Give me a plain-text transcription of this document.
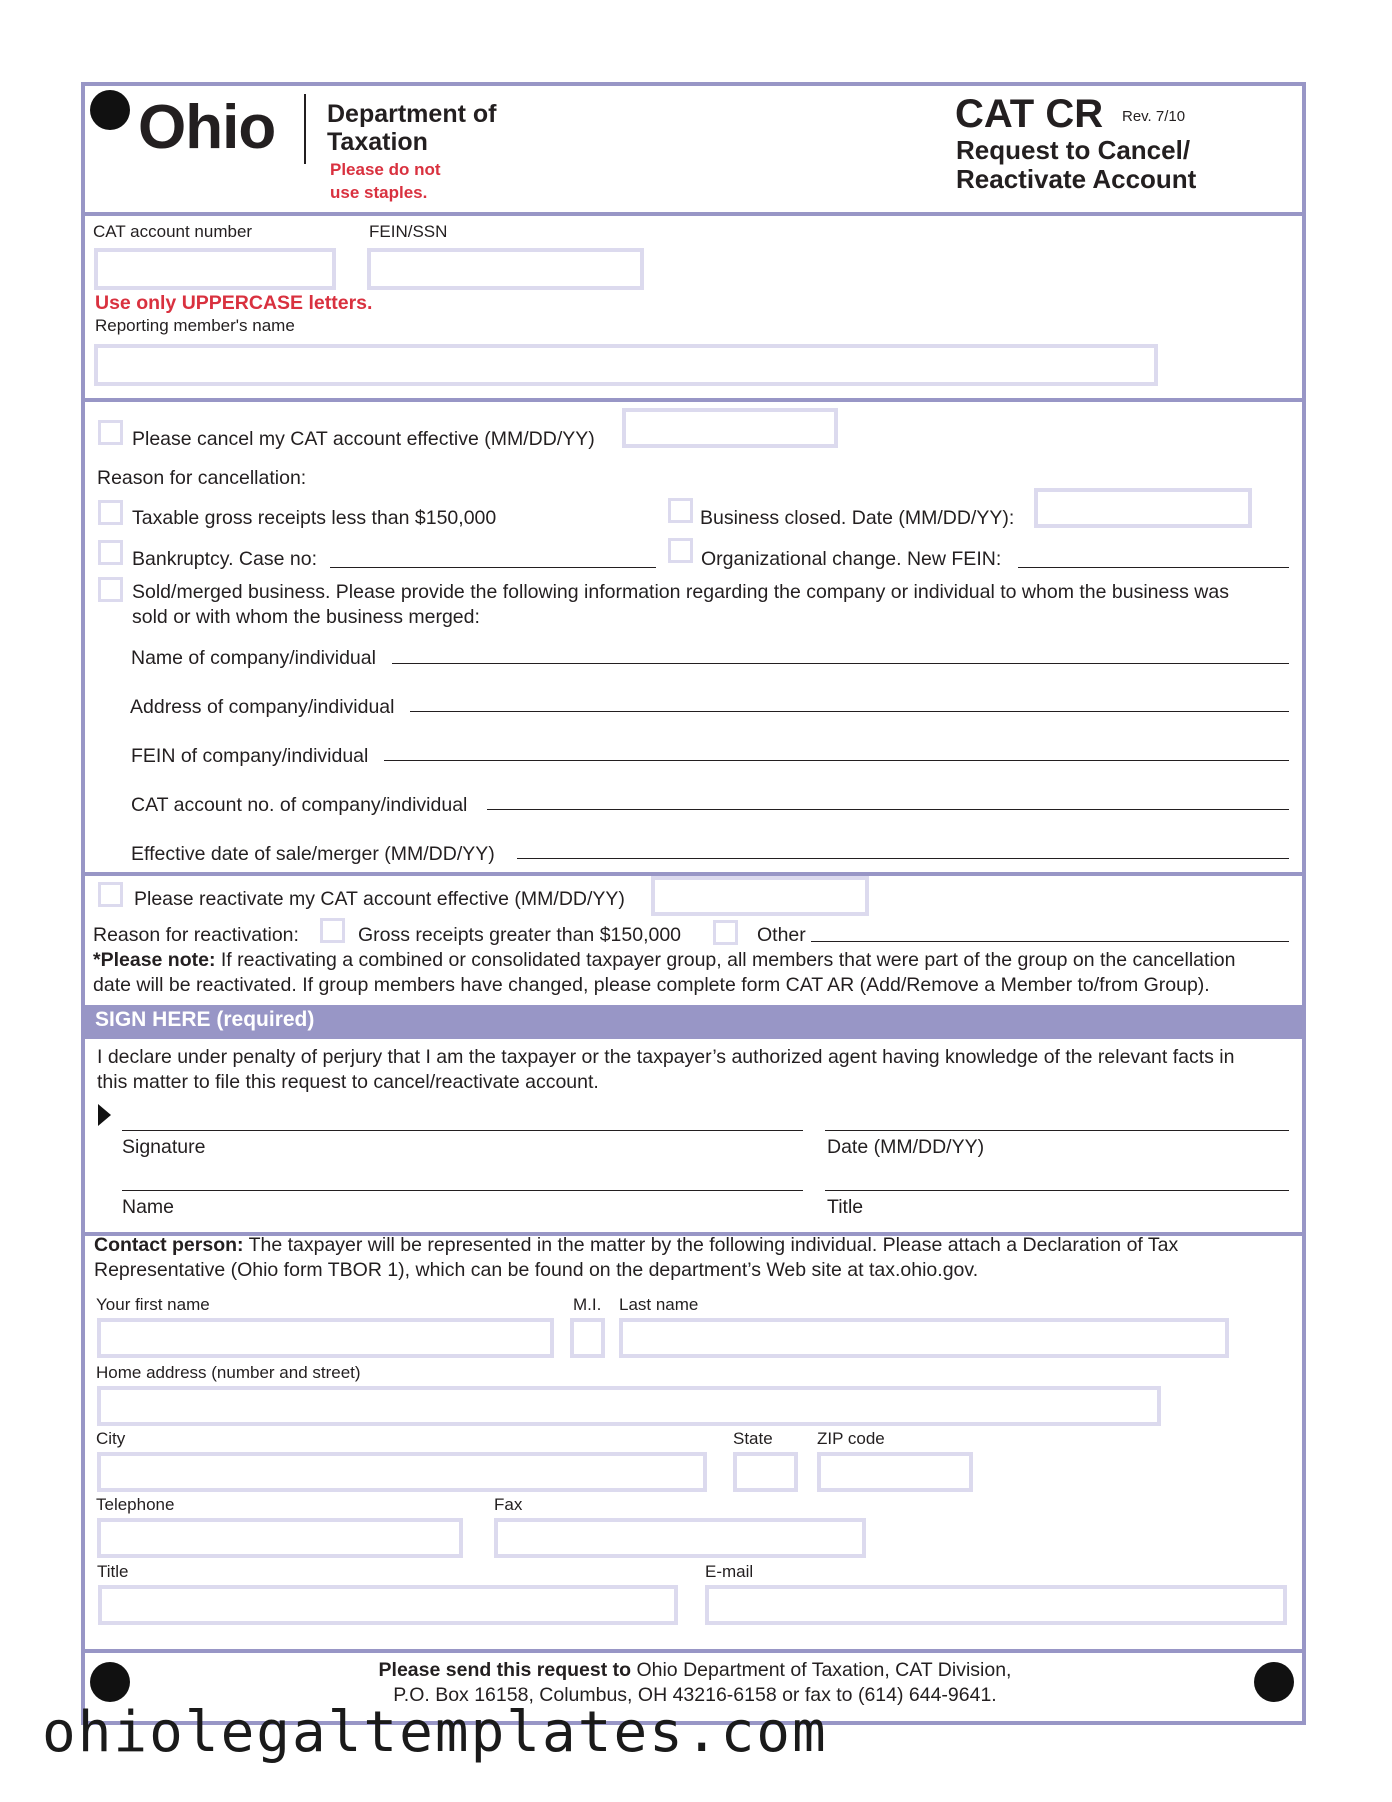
Ohio Department of
Taxation
Please do not
use staples.
CAT CR Rev. 7/10
Request to Cancel/
Reactivate Account
CAT account number	FEIN/SSN
Use only UPPERCASE letters.
Reporting member's name
Please cancel my CAT account effective (MM/DD/YY)
Reason for cancellation:
Taxable gross receipts less than $150,000	Business closed. Date (MM/DD/YY):
Bankruptcy. Case no:	Organizational change. New FEIN:
Sold/merged business. Please provide the following information regarding the company or individual to whom the business was
sold or with whom the business merged:
Name of company/individual
Address of company/individual
FEIN of company/individual
CAT account no. of company/individual
Effective date of sale/merger (MM/DD/YY)
Please reactivate my CAT account effective (MM/DD/YY)
Reason for reactivation:	Gross receipts greater than $150,000	Other
*Please note: If reactivating a combined or consolidated taxpayer group, all members that were part of the group on the cancellation
date will be reactivated. If group members have changed, please complete form CAT AR (Add/Remove a Member to/from Group).
SIGN HERE (required)
I declare under penalty of perjury that I am the taxpayer or the taxpayer’s authorized agent having knowledge of the relevant facts in
this matter to file this request to cancel/reactivate account.
Signature	Date (MM/DD/YY)
Name	Title
Contact person: The taxpayer will be represented in the matter by the following individual. Please attach a Declaration of Tax
Representative (Ohio form TBOR 1), which can be found on the department’s Web site at tax.ohio.gov.
Your first name	M.I. Last name
Home address (number and street)
City	State	ZIP code
Telephone	Fax
Title	E-mail
Please send this request to Ohio Department of Taxation, CAT Division,
P.O. Box 16158, Columbus, OH 43216-6158 or fax to (614) 644-9641.
ohiolegaltemplates.com
